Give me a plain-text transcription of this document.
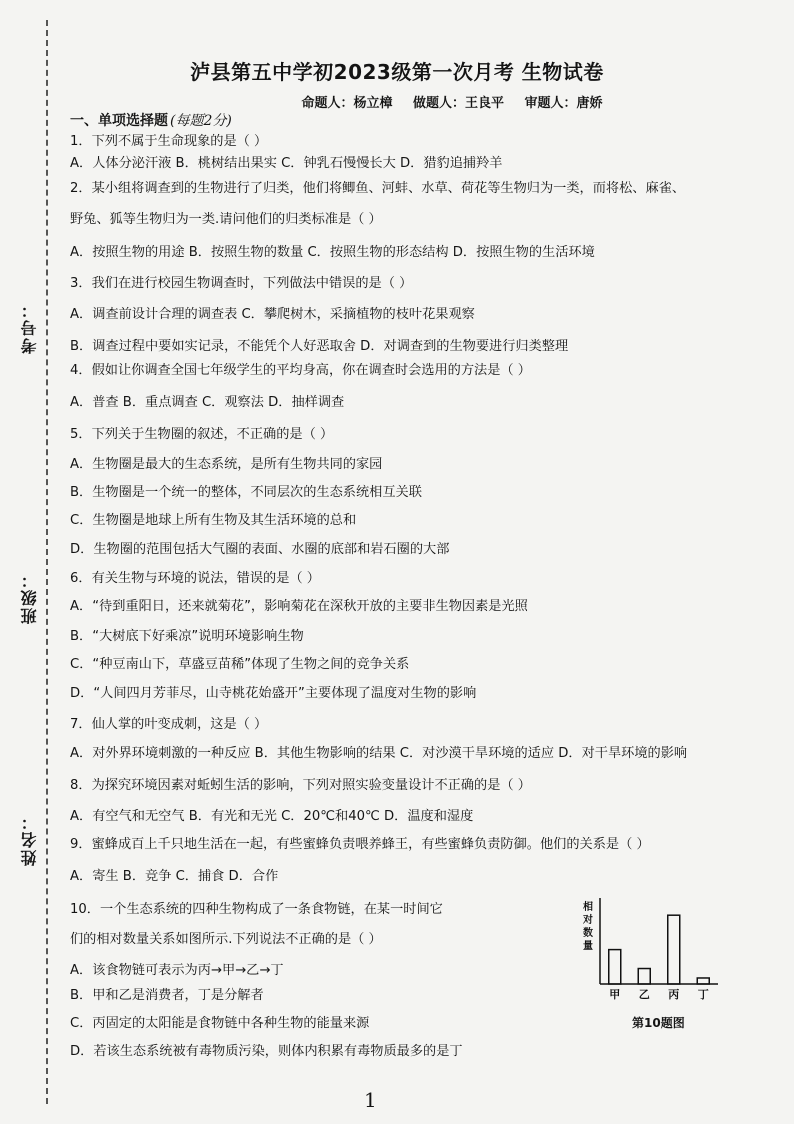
考号：
班级：
姓名：
泸县第五中学初2023级第一次月考 生物试卷
命题人：杨立樟 做题人：王良平 审题人：唐娇
一、单项选择题 (每题2分)
1．下列不属于生命现象的是（ ）
A．人体分泌汗液 B．桃树结出果实 C．钟乳石慢慢长大 D．猎豹追捕羚羊
2．某小组将调查到的生物进行了归类，他们将鲫鱼、河蚌、水草、荷花等生物归为一类，而将松、麻雀、
野兔、狐等生物归为一类.请问他们的归类标准是（ ）
A．按照生物的用途 B．按照生物的数量 C．按照生物的形态结构 D．按照生物的生活环境
3．我们在进行校园生物调查时，下列做法中错误的是（ ）
A．调查前设计合理的调查表 C．攀爬树木，采摘植物的枝叶花果观察
B．调查过程中要如实记录，不能凭个人好恶取舍 D．对调查到的生物要进行归类整理
4．假如让你调查全国七年级学生的平均身高，你在调查时会选用的方法是（ ）
A．普查 B．重点调查 C．观察法 D．抽样调查
5．下列关于生物圈的叙述，不正确的是（ ）
A．生物圈是最大的生态系统，是所有生物共同的家园
B．生物圈是一个统一的整体，不同层次的生态系统相互关联
C．生物圈是地球上所有生物及其生活环境的总和
D．生物圈的范围包括大气圈的表面、水圈的底部和岩石圈的大部
6．有关生物与环境的说法，错误的是（ ）
A．“待到重阳日，还来就菊花”，影响菊花在深秋开放的主要非生物因素是光照
B．“大树底下好乘凉”说明环境影响生物
C．“种豆南山下，草盛豆苗稀”体现了生物之间的竞争关系
D．“人间四月芳菲尽，山寺桃花始盛开”主要体现了温度对生物的影响
7．仙人掌的叶变成刺，这是（ ）
A．对外界环境刺激的一种反应 B．其他生物影响的结果 C．对沙漠干旱环境的适应 D．对干旱环境的影响
8．为探究环境因素对蚯蚓生活的影响，下列对照实验变量设计不正确的是（ ）
A．有空气和无空气 B．有光和无光 C．20℃和40℃ D．温度和湿度
9．蜜蜂成百上千只地生活在一起，有些蜜蜂负责喂养蜂王，有些蜜蜂负责防御。他们的关系是（ ）
A．寄生 B．竞争 C．捕食 D．合作
10．一个生态系统的四种生物构成了一条食物链，在某一时间它
们的相对数量关系如图所示.下列说法不正确的是（ ）
A．该食物链可表示为丙→甲→乙→丁
B．甲和乙是消费者，丁是分解者
C．丙固定的太阳能是食物链中各种生物的能量来源
D．若该生态系统被有毒物质污染，则体内积累有毒物质最多的是丁
相
对
数
量
甲 乙 丙 丁
第10题图
1
